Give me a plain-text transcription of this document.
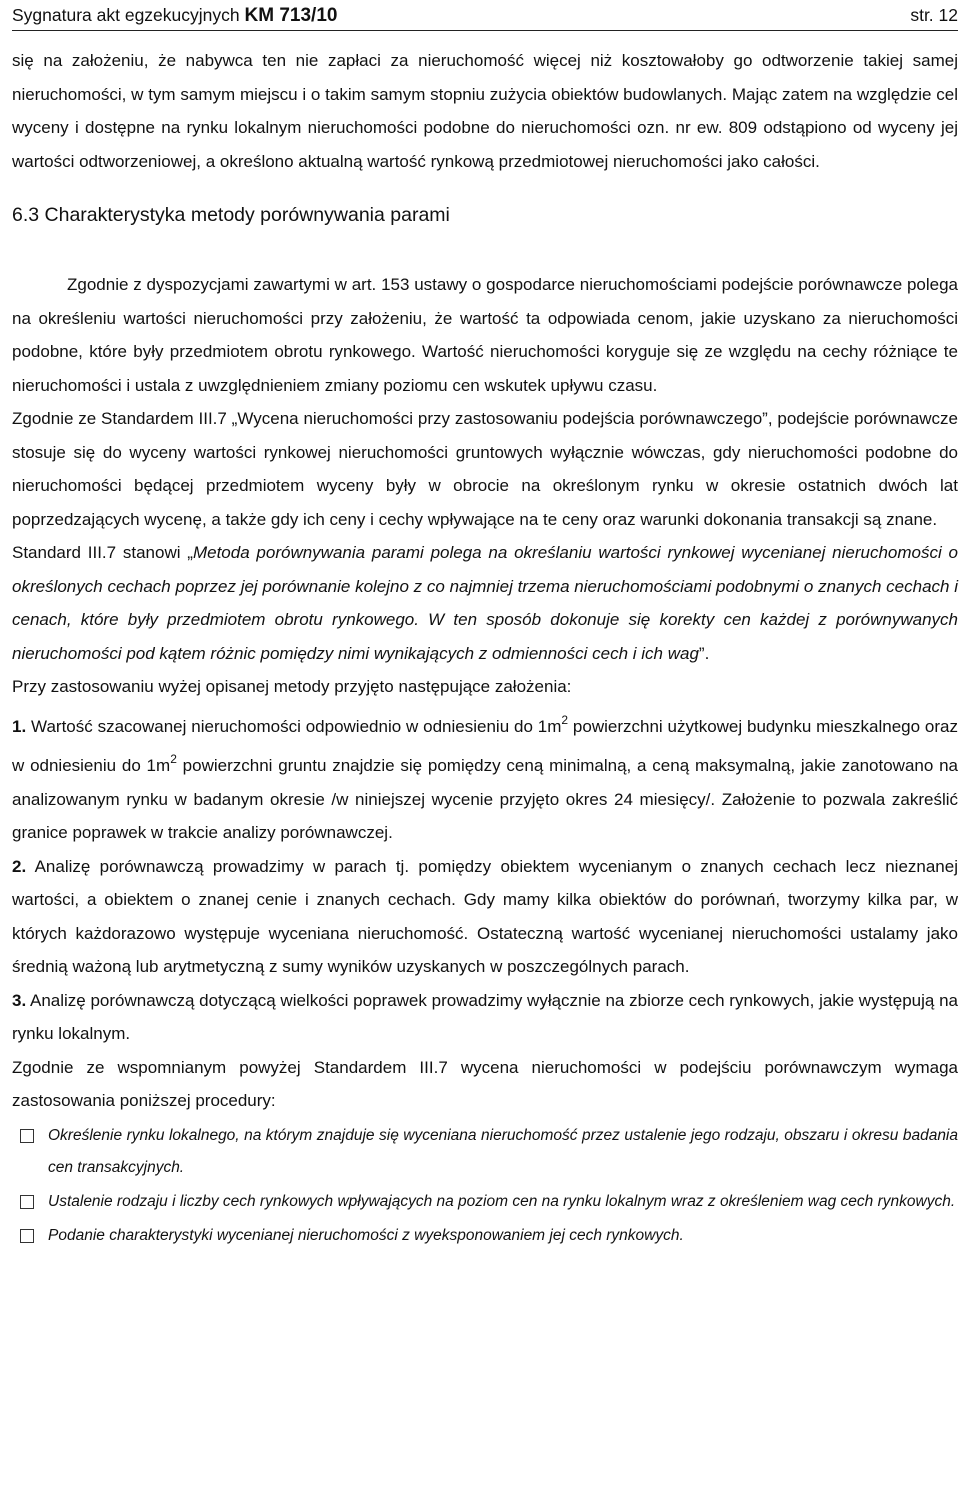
Sygnatura akt egzekucyjnych KM 713/10	str. 12

się na założeniu, że nabywca ten nie zapłaci za nieruchomość więcej niż kosztowałoby go odtworzenie takiej samej nieruchomości, w tym samym miejscu i o takim samym stopniu zużycia obiektów budowlanych. Mając zatem na względzie cel wyceny i dostępne na rynku lokalnym nieruchomości podobne do nieruchomości ozn. nr ew. 809 odstąpiono od wyceny jej wartości odtworzeniowej, a określono aktualną wartość rynkową przedmiotowej nieruchomości jako całości.

6.3 Charakterystyka metody porównywania parami

Zgodnie z dyspozycjami zawartymi w art. 153 ustawy o gospodarce nieruchomościami podejście porównawcze polega na określeniu wartości nieruchomości przy założeniu, że wartość ta odpowiada cenom, jakie uzyskano za nieruchomości podobne, które były przedmiotem obrotu rynkowego. Wartość nieruchomości koryguje się ze względu na cechy różniące te nieruchomości i ustala z uwzględnieniem zmiany poziomu cen wskutek upływu czasu.

Zgodnie ze Standardem III.7 „Wycena nieruchomości przy zastosowaniu podejścia porównawczego”, podejście porównawcze stosuje się do wyceny wartości rynkowej nieruchomości gruntowych wyłącznie wówczas, gdy nieruchomości podobne do nieruchomości będącej przedmiotem wyceny były w obrocie na określonym rynku w okresie ostatnich dwóch lat poprzedzających wycenę, a także gdy ich ceny i cechy wpływające na te ceny oraz warunki dokonania transakcji są znane.

Standard III.7 stanowi „Metoda porównywania parami polega na określaniu wartości rynkowej wycenianej nieruchomości o określonych cechach poprzez jej porównanie kolejno z co najmniej trzema nieruchomościami podobnymi o znanych cechach i cenach, które były przedmiotem obrotu rynkowego. W ten sposób dokonuje się korekty cen każdej z porównywanych nieruchomości pod kątem różnic pomiędzy nimi wynikających z odmienności cech i ich wag”.

Przy zastosowaniu wyżej opisanej metody przyjęto następujące założenia:

1. Wartość szacowanej nieruchomości odpowiednio w odniesieniu do $1m^2$ powierzchni użytkowej budynku mieszkalnego oraz w odniesieniu do $1m^2$ powierzchni gruntu znajdzie się pomiędzy ceną minimalną, a ceną maksymalną, jakie zanotowano na analizowanym rynku w badanym okresie /w niniejszej wycenie przyjęto okres 24 miesięcy/. Założenie to pozwala zakreślić granice poprawek w trakcie analizy porównawczej.

2. Analizę porównawczą prowadzimy w parach tj. pomiędzy obiektem wycenianym o znanych cechach lecz nieznanej wartości, a obiektem o znanej cenie i znanych cechach. Gdy mamy kilka obiektów do porównań, tworzymy kilka par, w których każdorazowo występuje wyceniana nieruchomość. Ostateczną wartość wycenianej nieruchomości ustalamy jako średnią ważoną lub arytmetyczną z sumy wyników uzyskanych w poszczególnych parach.

3. Analizę porównawczą dotyczącą wielkości poprawek prowadzimy wyłącznie na zbiorze cech rynkowych, jakie występują na rynku lokalnym.

Zgodnie ze wspomnianym powyżej Standardem III.7 wycena nieruchomości w podejściu porównawczym wymaga zastosowania poniższej procedury:

Określenie rynku lokalnego, na którym znajduje się wyceniana nieruchomość przez ustalenie jego rodzaju, obszaru i okresu badania cen transakcyjnych.
Ustalenie rodzaju i liczby cech rynkowych wpływających na poziom cen na rynku lokalnym wraz z określeniem wag cech rynkowych.
Podanie charakterystyki wycenianej nieruchomości z wyeksponowaniem jej cech rynkowych.
